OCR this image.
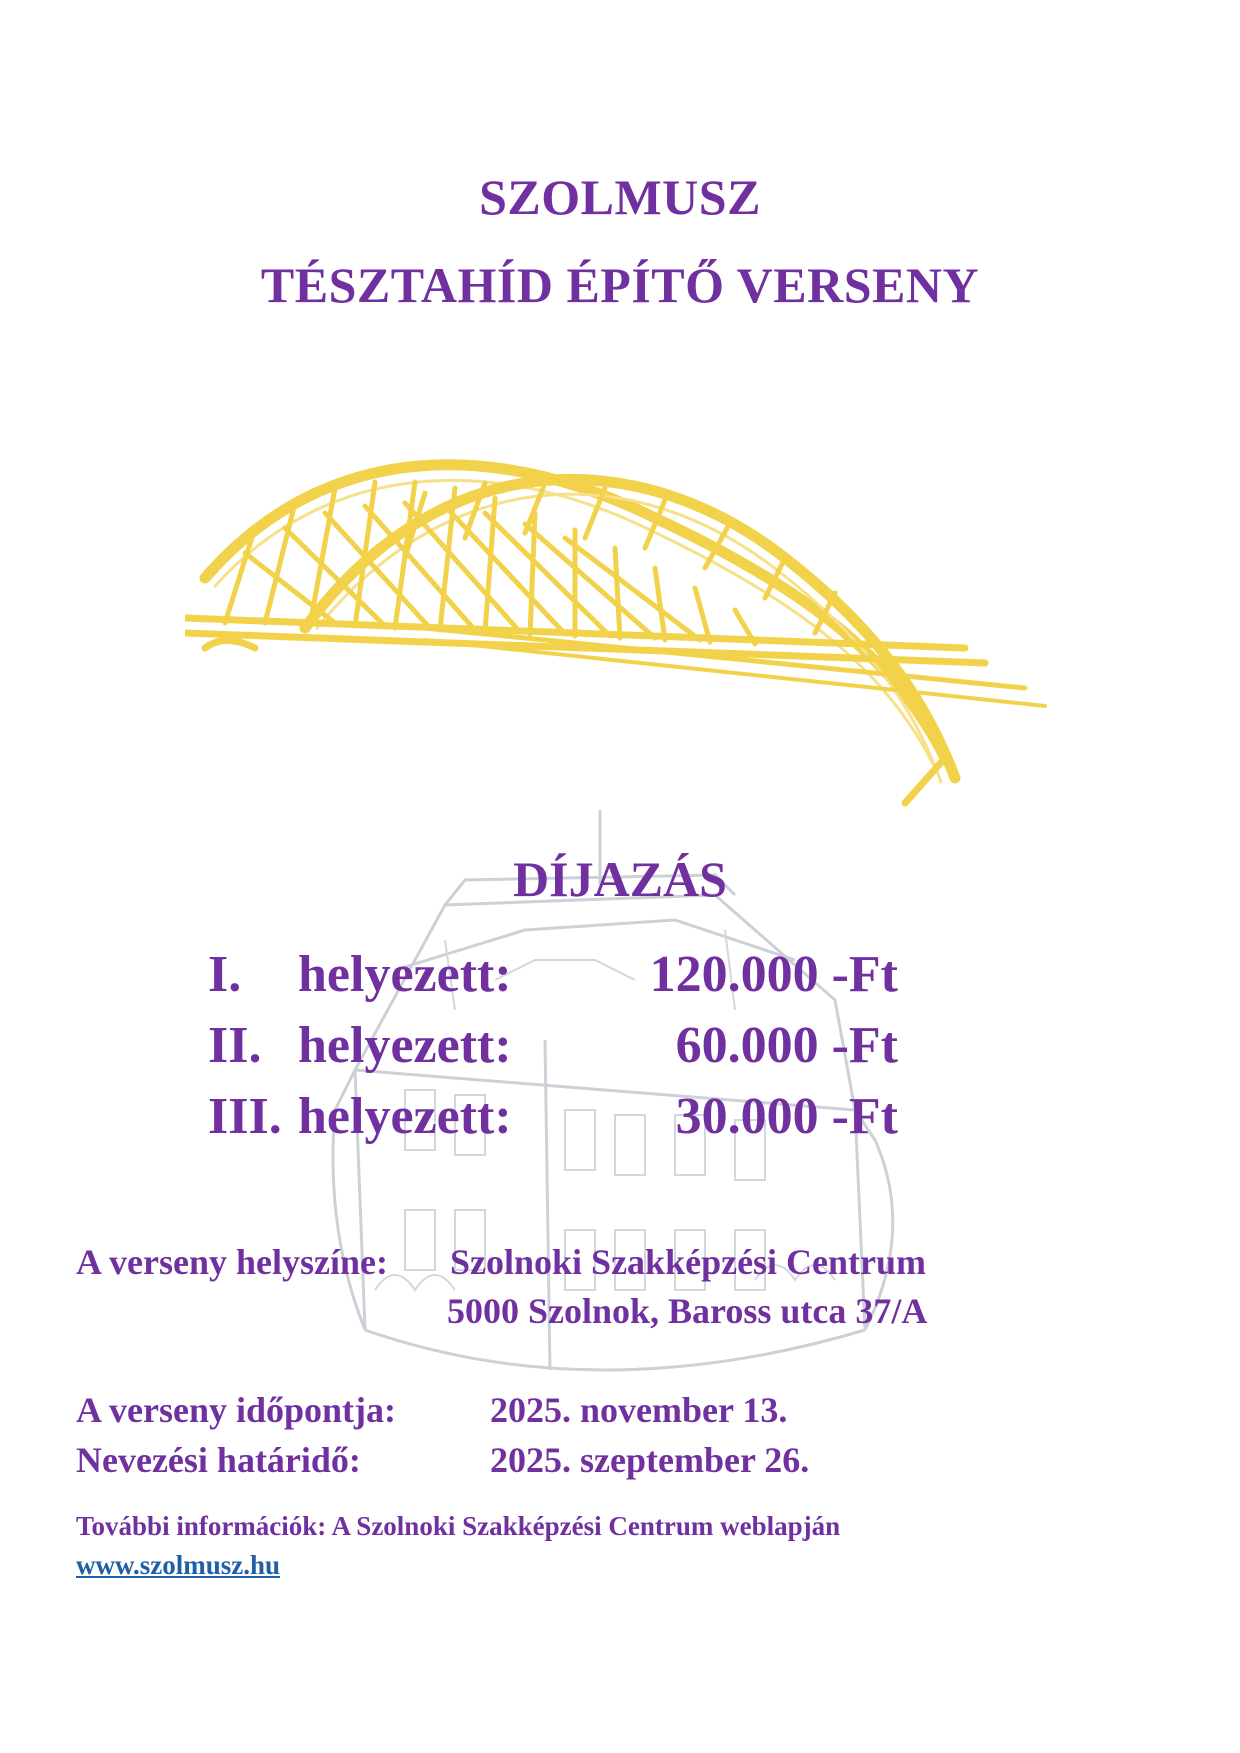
SZOLMUSZ
TÉSZTAHÍD ÉPÍTŐ VERSENY
DÍJAZÁS
I. helyezett:	120.000 -Ft
II. helyezett:	60.000 -Ft
III. helyezett:	30.000 -Ft
A verseny helyszíne: Szolnoki Szakképzési Centrum
5000 Szolnok, Baross utca 37/A
A verseny időpontja:	2025. november 13.
Nevezési határidő:	2025. szeptember 26.
További információk: A Szolnoki Szakképzési Centrum weblapján
www.szolmusz.hu
